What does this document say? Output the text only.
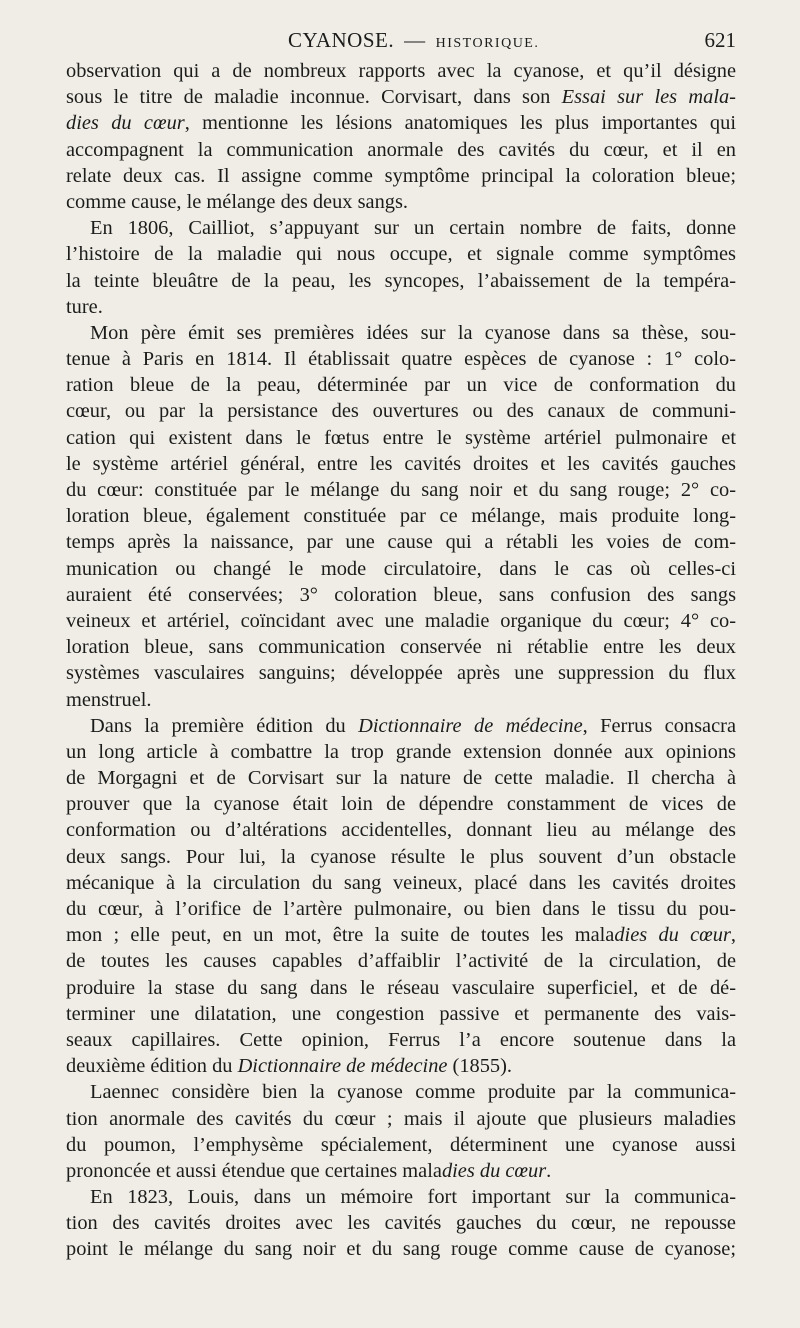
CYANOSE. — HISTORIQUE.	621
observation qui a de nombreux rapports avec la cyanose, et qu’il désigne
sous le titre de maladie inconnue. Corvisart, dans son Essai sur les mala-
dies du cœur, mentionne les lésions anatomiques les plus importantes qui
accompagnent la communication anormale des cavités du cœur, et il en
relate deux cas. Il assigne comme symptôme principal la coloration bleue;
comme cause, le mélange des deux sangs.
En 1806, Cailliot, s’appuyant sur un certain nombre de faits, donne
l’histoire de la maladie qui nous occupe, et signale comme symptômes
la teinte bleuâtre de la peau, les syncopes, l’abaissement de la tempéra-
ture.
Mon père émit ses premières idées sur la cyanose dans sa thèse, sou-
tenue à Paris en 1814. Il établissait quatre espèces de cyanose : 1° colo-
ration bleue de la peau, déterminée par un vice de conformation du
cœur, ou par la persistance des ouvertures ou des canaux de communi-
cation qui existent dans le fœtus entre le système artériel pulmonaire et
le système artériel général, entre les cavités droites et les cavités gauches
du cœur: constituée par le mélange du sang noir et du sang rouge; 2° co-
loration bleue, également constituée par ce mélange, mais produite long-
temps après la naissance, par une cause qui a rétabli les voies de com-
munication ou changé le mode circulatoire, dans le cas où celles-ci
auraient été conservées; 3° coloration bleue, sans confusion des sangs
veineux et artériel, coïncidant avec une maladie organique du cœur; 4° co-
loration bleue, sans communication conservée ni rétablie entre les deux
systèmes vasculaires sanguins; développée après une suppression du flux
menstruel.
Dans la première édition du Dictionnaire de médecine, Ferrus consacra
un long article à combattre la trop grande extension donnée aux opinions
de Morgagni et de Corvisart sur la nature de cette maladie. Il chercha à
prouver que la cyanose était loin de dépendre constamment de vices de
conformation ou d’altérations accidentelles, donnant lieu au mélange des
deux sangs. Pour lui, la cyanose résulte le plus souvent d’un obstacle
mécanique à la circulation du sang veineux, placé dans les cavités droites
du cœur, à l’orifice de l’artère pulmonaire, ou bien dans le tissu du pou-
mon ; elle peut, en un mot, être la suite de toutes les maladies du cœur,
de toutes les causes capables d’affaiblir l’activité de la circulation, de
produire la stase du sang dans le réseau vasculaire superficiel, et de dé-
terminer une dilatation, une congestion passive et permanente des vais-
seaux capillaires. Cette opinion, Ferrus l’a encore soutenue dans la
deuxième édition du Dictionnaire de médecine (1855).
Laennec considère bien la cyanose comme produite par la communica-
tion anormale des cavités du cœur ; mais il ajoute que plusieurs maladies
du poumon, l’emphysème spécialement, déterminent une cyanose aussi
prononcée et aussi étendue que certaines maladies du cœur.
En 1823, Louis, dans un mémoire fort important sur la communica-
tion des cavités droites avec les cavités gauches du cœur, ne repousse
point le mélange du sang noir et du sang rouge comme cause de cyanose;
